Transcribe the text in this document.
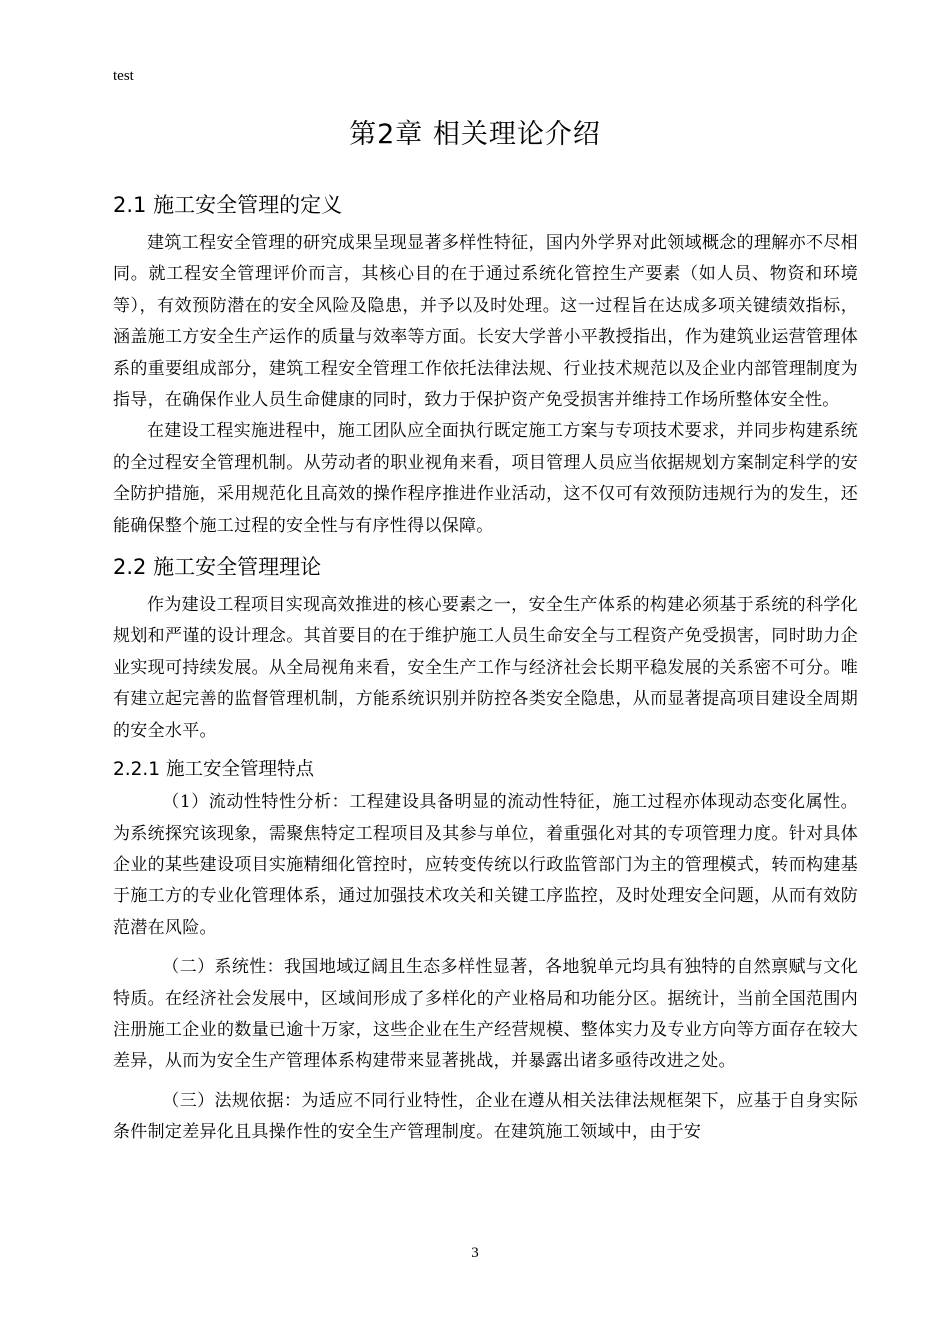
test
第2章 相关理论介绍
2.1 施工安全管理的定义

建筑工程安全管理的研究成果呈现显著多样性特征，国内外学界对此领域概念的理解亦不尽相同。就工程安全管理评价而言，其核心目的在于通过系统化管控生产要素（如人员、物资和环境等），有效预防潜在的安全风险及隐患，并予以及时处理。这一过程旨在达成多项关键绩效指标，涵盖施工方安全生产运作的质量与效率等方面。长安大学普小平教授指出，作为建筑业运营管理体系的重要组成部分，建筑工程安全管理工作依托法律法规、行业技术规范以及企业内部管理制度为指导，在确保作业人员生命健康的同时，致力于保护资产免受损害并维持工作场所整体安全性。

在建设工程实施进程中，施工团队应全面执行既定施工方案与专项技术要求，并同步构建系统的全过程安全管理机制。从劳动者的职业视角来看，项目管理人员应当依据规划方案制定科学的安全防护措施，采用规范化且高效的操作程序推进作业活动，这不仅可有效预防违规行为的发生，还能确保整个施工过程的安全性与有序性得以保障。

2.2 施工安全管理理论

作为建设工程项目实现高效推进的核心要素之一，安全生产体系的构建必须基于系统的科学化规划和严谨的设计理念。其首要目的在于维护施工人员生命安全与工程资产免受损害，同时助力企业实现可持续发展。从全局视角来看，安全生产工作与经济社会长期平稳发展的关系密不可分。唯有建立起完善的监督管理机制，方能系统识别并防控各类安全隐患，从而显著提高项目建设全周期的安全水平。

2.2.1 施工安全管理特点

（1）流动性特性分析：工程建设具备明显的流动性特征，施工过程亦体现动态变化属性。为系统探究该现象，需聚焦特定工程项目及其参与单位，着重强化对其的专项管理力度。针对具体企业的某些建设项目实施精细化管控时，应转变传统以行政监管部门为主的管理模式，转而构建基于施工方的专业化管理体系，通过加强技术攻关和关键工序监控，及时处理安全问题，从而有效防范潜在风险。

（二）系统性：我国地域辽阔且生态多样性显著，各地貌单元均具有独特的自然禀赋与文化特质。在经济社会发展中，区域间形成了多样化的产业格局和功能分区。据统计，当前全国范围内注册施工企业的数量已逾十万家，这些企业在生产经营规模、整体实力及专业方向等方面存在较大差异，从而为安全生产管理体系构建带来显著挑战，并暴露出诸多亟待改进之处。

（三）法规依据：为适应不同行业特性，企业在遵从相关法律法规框架下，应基于自身实际条件制定差异化且具操作性的安全生产管理制度。在建筑施工领域中，由于安

3
